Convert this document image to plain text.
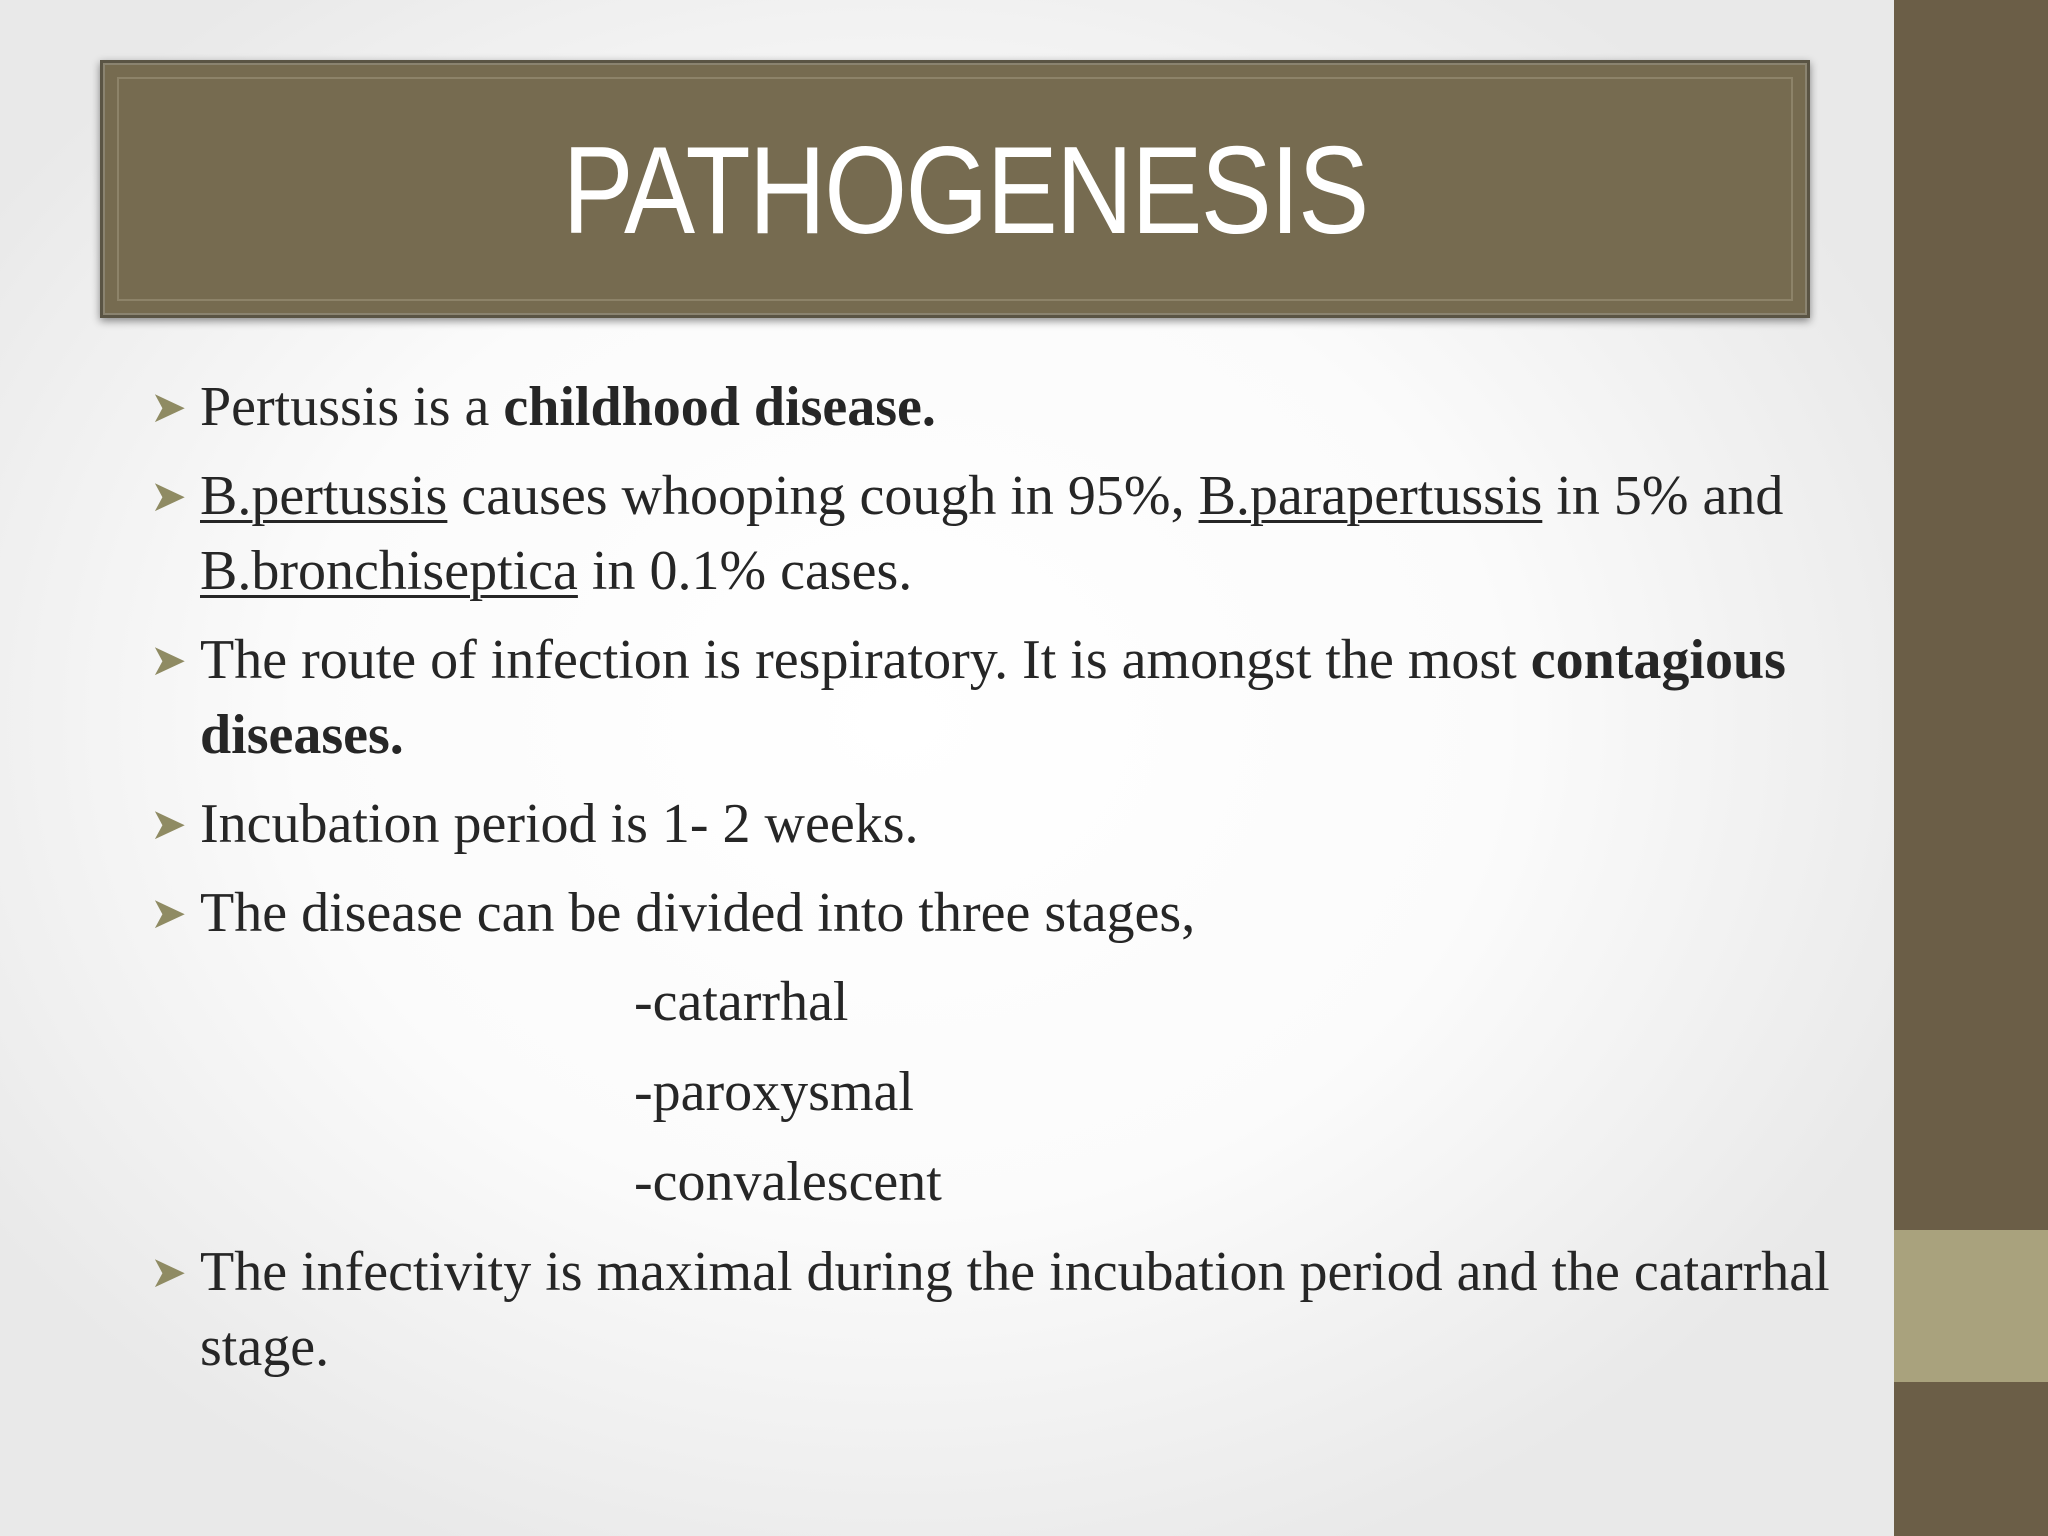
PATHOGENESIS
➤ Pertussis is a childhood disease.
➤ B.pertussis causes whooping cough in 95%, B.parapertussis in 5% and B.bronchiseptica in 0.1% cases.
➤ The route of infection is respiratory. It is amongst the most contagious diseases.
➤ Incubation period is 1- 2 weeks.
➤ The disease can be divided into three stages,
-catarrhal
-paroxysmal
-convalescent
➤ The infectivity is maximal during the incubation period and the catarrhal stage.
